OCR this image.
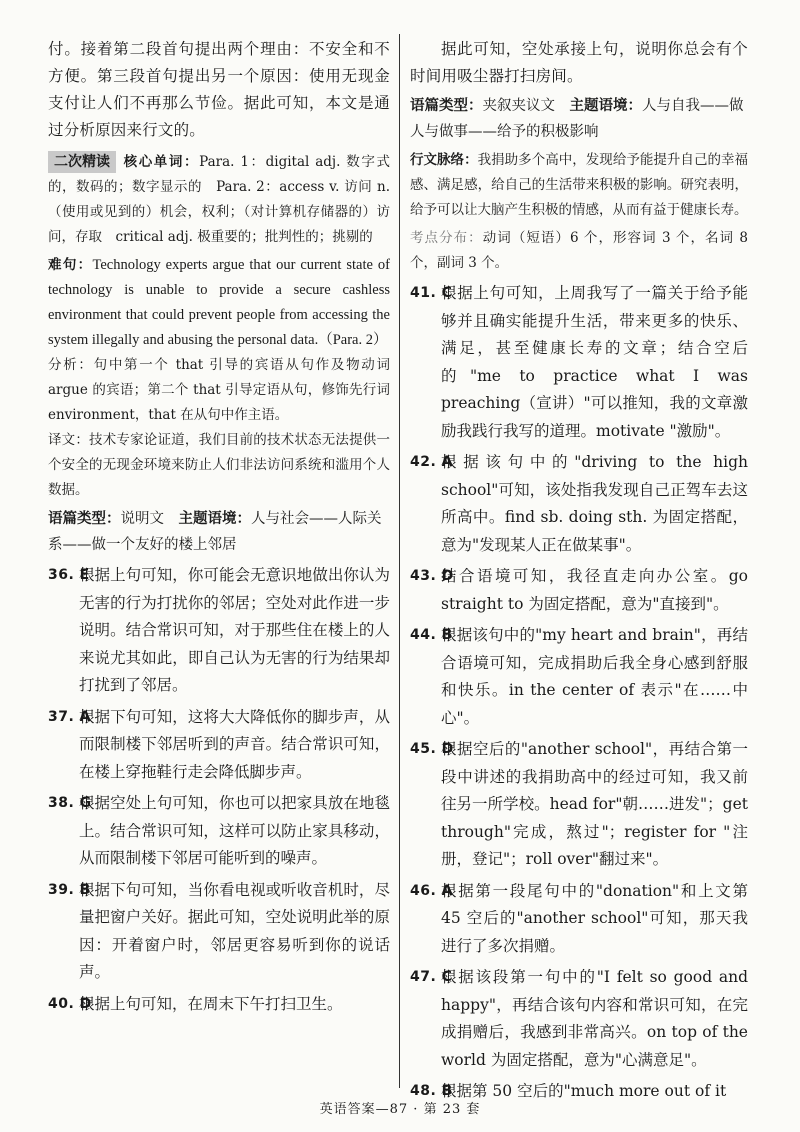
付。接着第二段首句提出两个理由：不安全和不方便。第三段首句提出另一个原因：使用无现金支付让人们不再那么节俭。据此可知，本文是通过分析原因来行文的。

二次精读 核心单词：Para. 1：digital adj. 数字式的，数码的；数字显示的　Para. 2：access v. 访问 n.（使用或见到的）机会，权利；（对计算机存储器的）访问，存取　critical adj. 极重要的；批判性的；挑剔的

难句：Technology experts argue that our current state of technology is unable to provide a secure cashless environment that could prevent people from accessing the system illegally and abusing the personal data.（Para. 2）

分析：句中第一个 that 引导的宾语从句作及物动词 argue 的宾语；第二个 that 引导定语从句，修饰先行词 environment，that 在从句中作主语。

译文：技术专家论证道，我们目前的技术状态无法提供一个安全的无现金环境来防止人们非法访问系统和滥用个人数据。

语篇类型：说明文　 主题语境：人与社会——人际关系——做一个友好的楼上邻居

36. E
根据上句可知，你可能会无意识地做出你认为无害的行为打扰你的邻居；空处对此作进一步说明。结合常识可知，对于那些住在楼上的人来说尤其如此，即自己认为无害的行为结果却打扰到了邻居。
37. A
根据下句可知，这将大大降低你的脚步声，从而限制楼下邻居听到的声音。结合常识可知，在楼上穿拖鞋行走会降低脚步声。
38. G
根据空处上句可知，你也可以把家具放在地毯上。结合常识可知，这样可以防止家具移动，从而限制楼下邻居可能听到的噪声。
39. B
根据下句可知，当你看电视或听收音机时，尽量把窗户关好。据此可知，空处说明此举的原因：开着窗户时，邻居更容易听到你的说话声。
40. D
根据上句可知，在周末下午打扫卫生。

据此可知，空处承接上句，说明你总会有个时间用吸尘器打扫房间。

语篇类型：夹叙夹议文　 主题语境：人与自我——做人与做事——给予的积极影响

行文脉络：我捐助多个高中，发现给予能提升自己的幸福感、满足感，给自己的生活带来积极的影响。研究表明，给予可以让大脑产生积极的情感，从而有益于健康长寿。

考点分布：动词（短语）6 个，形容词 3 个，名词 8 个，副词 3 个。

41. C
根据上句可知，上周我写了一篇关于给予能够并且确实能提升生活，带来更多的快乐、满足，甚至健康长寿的文章；结合空后的"me to practice what I was preaching（宣讲）"可以推知，我的文章激励我践行我写的道理。motivate "激励"。
42. A
根据该句中的"driving to the high school"可知，该处指我发现自己正驾车去这所高中。find sb. doing sth. 为固定搭配，意为"发现某人正在做某事"。
43. D
结合语境可知，我径直走向办公室。go straight to 为固定搭配，意为"直接到"。
44. B
根据该句中的"my heart and brain"，再结合语境可知，完成捐助后我全身心感到舒服和快乐。in the center of 表示"在……中心"。
45. D
根据空后的"another school"，再结合第一段中讲述的我捐助高中的经过可知，我又前往另一所学校。head for"朝……进发"；get through"完成，熬过"；register for "注册，登记"；roll over"翻过来"。
46. A
根据第一段尾句中的"donation"和上文第 45 空后的"another school"可知，那天我进行了多次捐赠。
47. C
根据该段第一句中的"I felt so good and happy"，再结合该句内容和常识可知，在完成捐赠后，我感到非常高兴。on top of the world 为固定搭配，意为"心满意足"。
48. B
根据第 50 空后的"much more out of it
英语答案—87 · 第 23 套
